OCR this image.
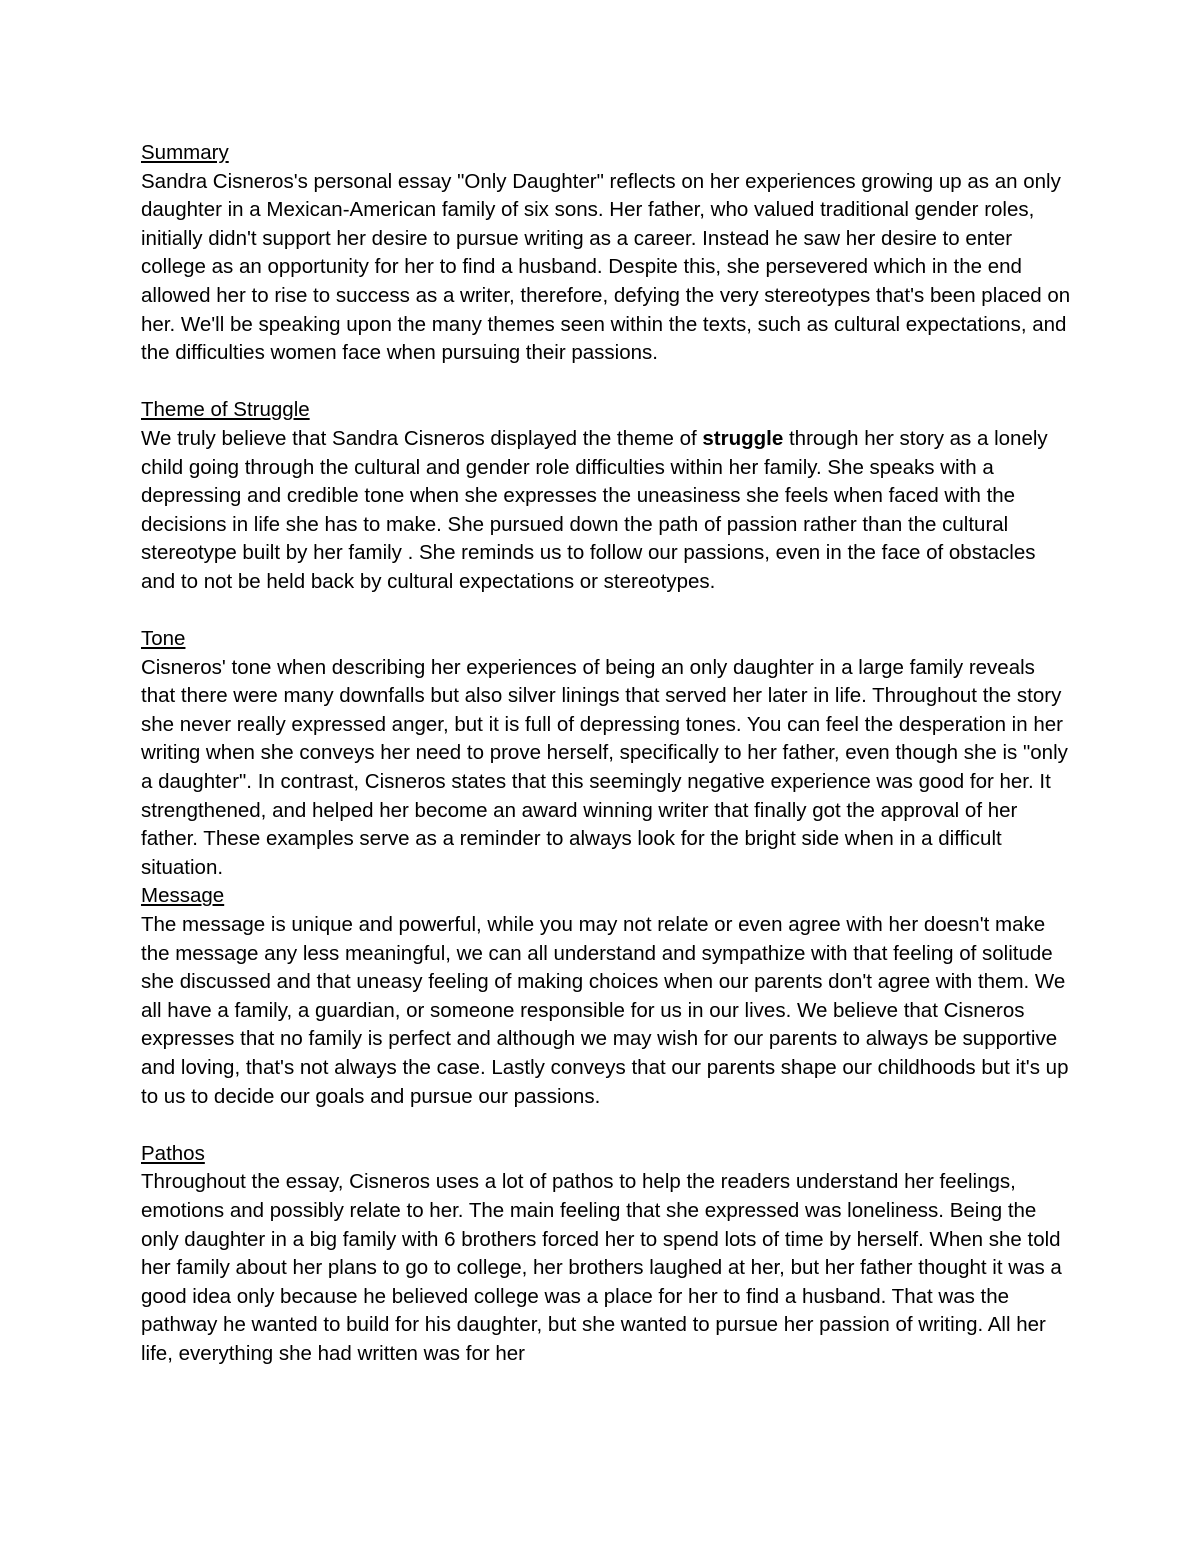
Summary

Sandra Cisneros's personal essay "Only Daughter" reflects on her experiences growing up as an only daughter in a Mexican-American family of six sons. Her father, who valued traditional gender roles, initially didn't support her desire to pursue writing as a career. Instead he saw her desire to enter college as an opportunity for her to find a husband. Despite this, she persevered which in the end allowed her to rise to success as a writer, therefore, defying the very stereotypes that's been placed on her. We'll be speaking upon the many themes seen within the texts, such as cultural expectations, and the difficulties women face when pursuing their passions.

Theme of Struggle

We truly believe that Sandra Cisneros displayed the theme of struggle through her story as a lonely child going through the cultural and gender role difficulties within her family. She speaks with a depressing and credible tone when she expresses the uneasiness she feels when faced with the decisions in life she has to make. She pursued down the path of passion rather than the cultural stereotype built by her family . She reminds us to follow our passions, even in the face of obstacles and to not be held back by cultural expectations or stereotypes.

Tone

Cisneros' tone when describing her experiences of being an only daughter in a large family reveals that there were many downfalls but also silver linings that served her later in life. Throughout the story she never really expressed anger, but it is full of depressing tones. You can feel the desperation in her writing when she conveys her need to prove herself, specifically to her father, even though she is "only a daughter". In contrast, Cisneros states that this seemingly negative experience was good for her. It strengthened, and helped her become an award winning writer that finally got the approval of her father. These examples serve as a reminder to always look for the bright side when in a difficult situation.

Message

The message is unique and powerful, while you may not relate or even agree with her doesn't make the message any less meaningful, we can all understand and sympathize with that feeling of solitude she discussed and that uneasy feeling of making choices when our parents don't agree with them. We all have a family, a guardian, or someone responsible for us in our lives. We believe that Cisneros expresses that no family is perfect and although we may wish for our parents to always be supportive and loving, that's not always the case. Lastly conveys that our parents shape our childhoods but it's up to us to decide our goals and pursue our passions.

Pathos

Throughout the essay, Cisneros uses a lot of pathos to help the readers understand her feelings, emotions and possibly relate to her. The main feeling that she expressed was loneliness. Being the only daughter in a big family with 6 brothers forced her to spend lots of time by herself. When she told her family about her plans to go to college, her brothers laughed at her, but her father thought it was a good idea only because he believed college was a place for her to find a husband. That was the pathway he wanted to build for his daughter, but she wanted to pursue her passion of writing. All her life, everything she had written was for her
